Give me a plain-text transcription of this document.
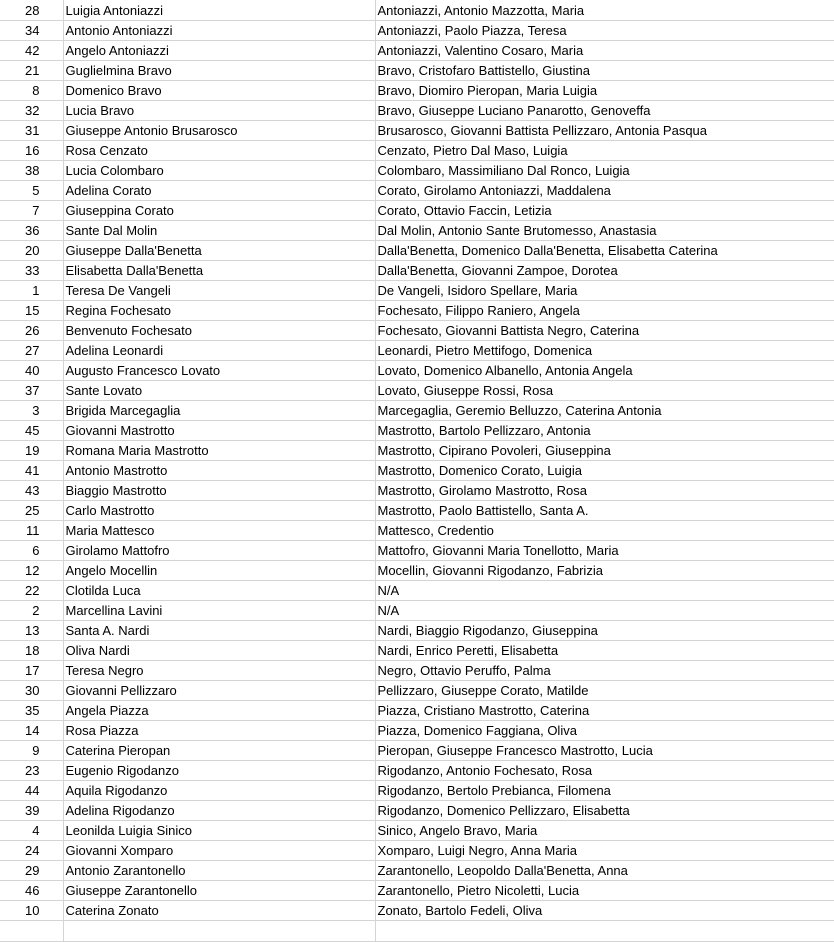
28	Luigia Antoniazzi	Antoniazzi, Antonio Mazzotta, Maria
34	Antonio Antoniazzi	Antoniazzi, Paolo Piazza, Teresa
42	Angelo Antoniazzi	Antoniazzi, Valentino Cosaro, Maria
21	Guglielmina Bravo	Bravo, Cristofaro Battistello, Giustina
8	Domenico Bravo	Bravo, Diomiro Pieropan, Maria Luigia
32	Lucia Bravo	Bravo, Giuseppe Luciano Panarotto, Genoveffa
31	Giuseppe Antonio Brusarosco	Brusarosco, Giovanni Battista Pellizzaro, Antonia Pasqua
16	Rosa Cenzato	Cenzato, Pietro Dal Maso, Luigia
38	Lucia Colombaro	Colombaro, Massimiliano Dal Ronco, Luigia
5	Adelina Corato	Corato, Girolamo Antoniazzi, Maddalena
7	Giuseppina Corato	Corato, Ottavio Faccin, Letizia
36	Sante Dal Molin	Dal Molin, Antonio Sante Brutomesso, Anastasia
20	Giuseppe Dalla'Benetta	Dalla'Benetta, Domenico Dalla'Benetta, Elisabetta Caterina
33	Elisabetta Dalla'Benetta	Dalla'Benetta, Giovanni Zampoe, Dorotea
1	Teresa De Vangeli	De Vangeli, Isidoro Spellare, Maria
15	Regina Fochesato	Fochesato, Filippo Raniero, Angela
26	Benvenuto Fochesato	Fochesato, Giovanni Battista Negro, Caterina
27	Adelina Leonardi	Leonardi, Pietro Mettifogo, Domenica
40	Augusto Francesco Lovato	Lovato, Domenico Albanello, Antonia Angela
37	Sante Lovato	Lovato, Giuseppe Rossi, Rosa
3	Brigida Marcegaglia	Marcegaglia, Geremio Belluzzo, Caterina Antonia
45	Giovanni Mastrotto	Mastrotto, Bartolo Pellizzaro, Antonia
19	Romana Maria Mastrotto	Mastrotto, Cipirano Povoleri, Giuseppina
41	Antonio Mastrotto	Mastrotto, Domenico Corato, Luigia
43	Biaggio Mastrotto	Mastrotto, Girolamo Mastrotto, Rosa
25	Carlo Mastrotto	Mastrotto, Paolo Battistello, Santa A.
11	Maria Mattesco	Mattesco, Credentio
6	Girolamo Mattofro	Mattofro, Giovanni Maria Tonellotto, Maria
12	Angelo Mocellin	Mocellin, Giovanni Rigodanzo, Fabrizia
22	Clotilda Luca	N/A
2	Marcellina Lavini	N/A
13	Santa A. Nardi	Nardi, Biaggio Rigodanzo, Giuseppina
18	Oliva Nardi	Nardi, Enrico Peretti, Elisabetta
17	Teresa Negro	Negro, Ottavio Peruffo, Palma
30	Giovanni Pellizzaro	Pellizzaro, Giuseppe Corato, Matilde
35	Angela Piazza	Piazza, Cristiano Mastrotto, Caterina
14	Rosa Piazza	Piazza, Domenico Faggiana, Oliva
9	Caterina Pieropan	Pieropan, Giuseppe Francesco Mastrotto, Lucia
23	Eugenio Rigodanzo	Rigodanzo, Antonio Fochesato, Rosa
44	Aquila Rigodanzo	Rigodanzo, Bertolo Prebianca, Filomena
39	Adelina Rigodanzo	Rigodanzo, Domenico Pellizzaro, Elisabetta
4	Leonilda Luigia Sinico	Sinico, Angelo Bravo, Maria
24	Giovanni Xomparo	Xomparo, Luigi Negro, Anna Maria
29	Antonio Zarantonello	Zarantonello, Leopoldo Dalla'Benetta, Anna
46	Giuseppe Zarantonello	Zarantonello, Pietro Nicoletti, Lucia
10	Caterina Zonato	Zonato, Bartolo Fedeli, Oliva
